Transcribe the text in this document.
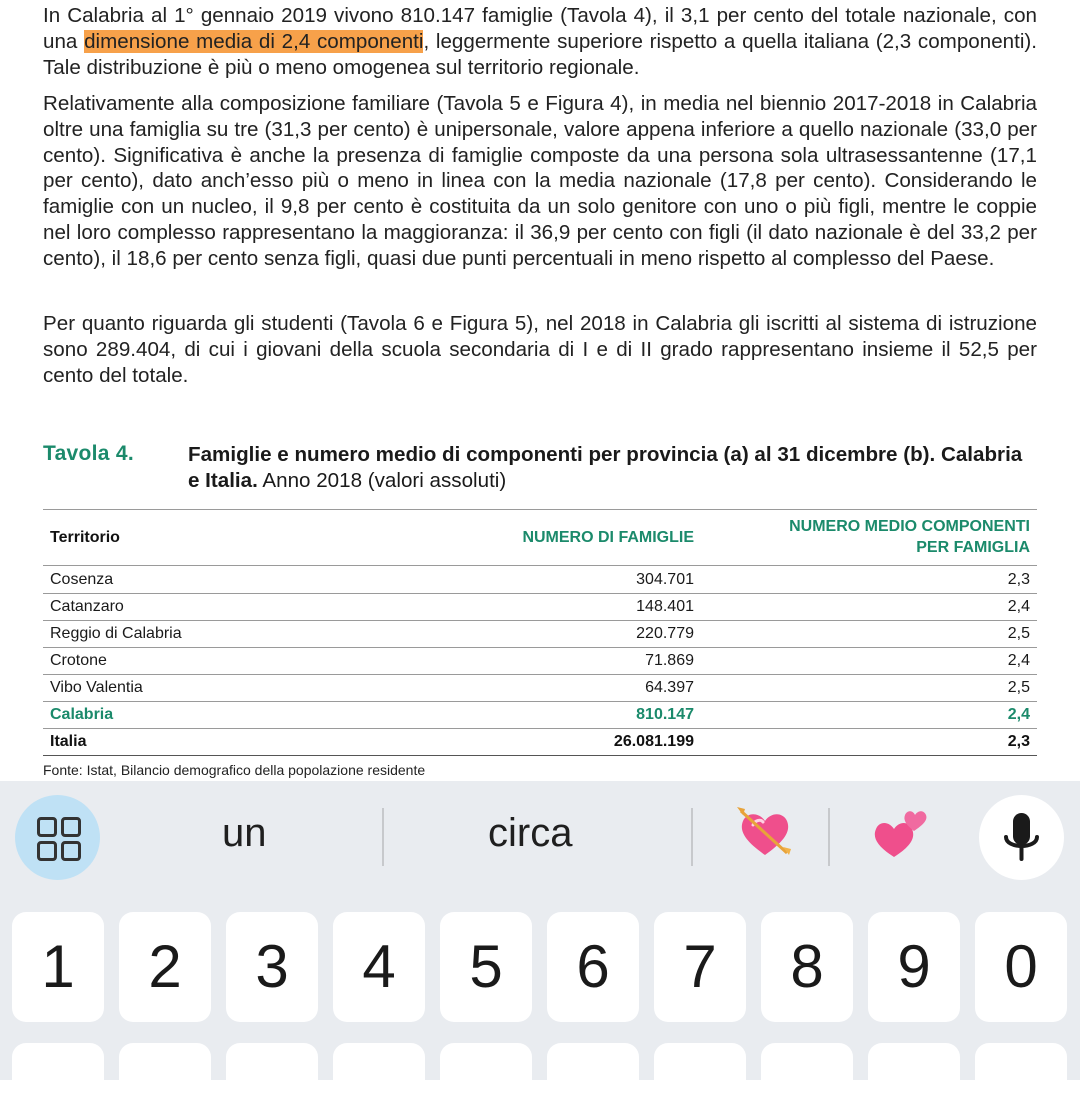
In Calabria al 1° gennaio 2019 vivono 810.147 famiglie (Tavola 4), il 3,1 per cento del totale nazionale, con una dimensione media di 2,4 componenti, leggermente superiore rispetto a quella italiana (2,3 componenti). Tale distribuzione è più o meno omogenea sul territorio regionale.

Relativamente alla composizione familiare (Tavola 5 e Figura 4), in media nel biennio 2017-2018 in Calabria oltre una famiglia su tre (31,3 per cento) è unipersonale, valore appena inferiore a quello nazionale (33,0 per cento). Significativa è anche la presenza di famiglie composte da una persona sola ultrasessantenne (17,1 per cento), dato anch’esso più o meno in linea con la media nazionale (17,8 per cento). Considerando le famiglie con un nucleo, il 9,8 per cento è costituita da un solo genitore con uno o più figli, mentre le coppie nel loro complesso rappresentano la maggioranza: il 36,9 per cento con figli (il dato nazionale è del 33,2 per cento), il 18,6 per cento senza figli, quasi due punti percentuali in meno rispetto al complesso del Paese.

Per quanto riguarda gli studenti (Tavola 6 e Figura 5), nel 2018 in Calabria gli iscritti al sistema di istruzione sono 289.404, di cui i giovani della scuola secondaria di I e di II grado rappresentano insieme il 52,5 per cento del totale.

Tavola 4.	Famiglie e numero medio di componenti per provincia (a) al 31 dicembre (b). Calabria e Italia. Anno 2018 (valori assoluti)

Territorio	NUMERO DI FAMIGLIE
NUMERO MEDIO COMPONENTI
PER FAMIGLIA
Cosenza	304.701	2,3
Catanzaro	148.401	2,4
Reggio di Calabria	220.779	2,5
Crotone	71.869	2,4
Vibo Valentia	64.397	2,5
Calabria	810.147	2,4
Italia	26.081.199	2,3
Fonte: Istat, Bilancio demografico della popolazione residente
un	circa
1	2	3	4	5	6	7	8	9	0
